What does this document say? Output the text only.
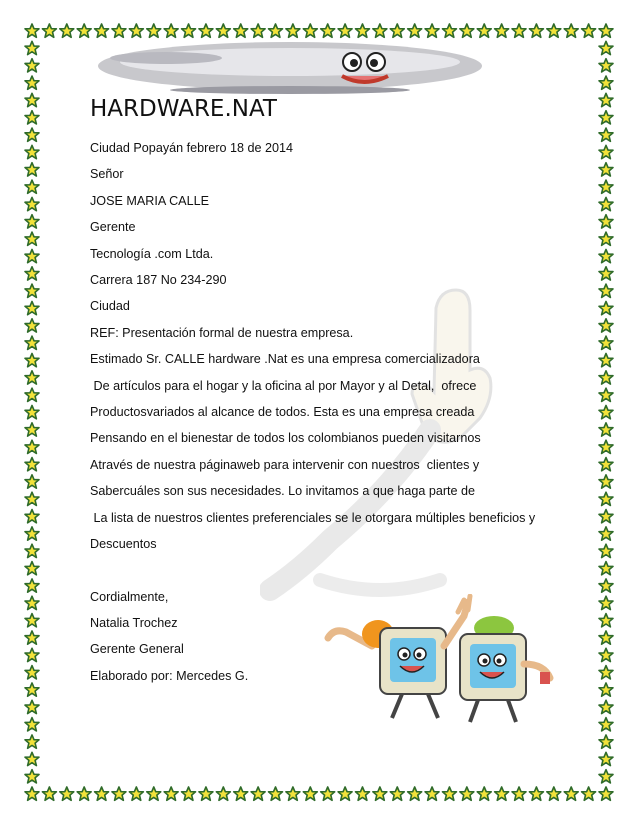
HARDWARE.NAT

Ciudad Popayán febrero 18 de 2014

Señor

JOSE MARIA CALLE

Gerente

Tecnología .com Ltda.

Carrera 187 No 234-290

Ciudad

REF: Presentación formal de nuestra empresa.

Estimado Sr. CALLE hardware .Nat es una empresa comercializadora

De artículos para el hogar y la oficina al por Mayor y al Detal,  ofrece

Productosvariados al alcance de todos. Esta es una empresa creada

Pensando en el bienestar de todos los colombianos pueden visitarnos

Através de nuestra páginaweb para intervenir con nuestros  clientes y

Sabercuáles son sus necesidades. Lo invitamos a que haga parte de

La lista de nuestros clientes preferenciales se le otorgara múltiples beneficios y

Descuentos

Cordialmente,

Natalia Trochez

Gerente General

Elaborado por: Mercedes G.
